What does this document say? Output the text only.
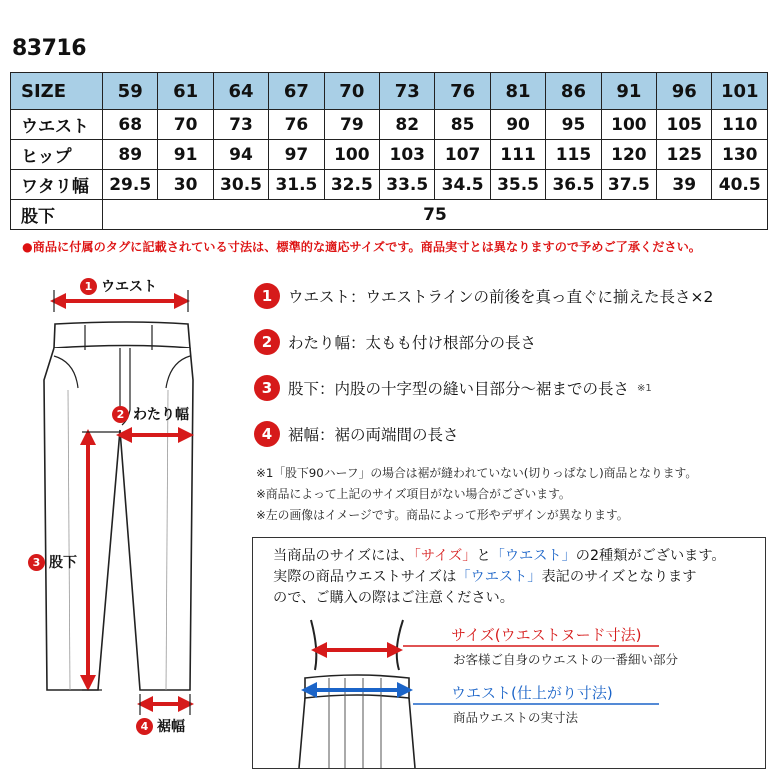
83716
SIZE	59	61	64	67	70	73	76	81	86	91	96	101
ウエスト	68	70	73	76	79	82	85	90	95	100	105	110
ヒップ	89	91	94	97	100	103	107	111	115	120	125	130
ワタリ幅	29.5	30	30.5	31.5	32.5	33.5	34.5	35.5	36.5	37.5	39	40.5
股下	75											
●商品に付属のタグに記載されている寸法は、標準的な適応サイズです。商品実寸とは異なりますので予めご了承ください。
1 ウエスト
2 わたり幅
3 股下
4 裾幅
1	ウエスト：ウエストラインの前後を真っ直ぐに揃えた長さ×2
2	わたり幅：太もも付け根部分の長さ
3	股下：内股の十字型の縫い目部分～裾までの長さ ※1
4	裾幅：裾の両端間の長さ
※1「股下90ハーフ」の場合は裾が縫われていない(切りっぱなし)商品となります。
※商品によって上記のサイズ項目がない場合がございます。
※左の画像はイメージです。商品によって形やデザインが異なります。
当商品のサイズには、「サイズ」と「ウエスト」の2種類がございます。
実際の商品ウエストサイズは「ウエスト」表記のサイズとなります
ので、ご購入の際はご注意ください。
サイズ(ウエストヌード寸法)
お客様ご自身のウエストの一番細い部分
ウエスト(仕上がり寸法)
商品ウエストの実寸法
